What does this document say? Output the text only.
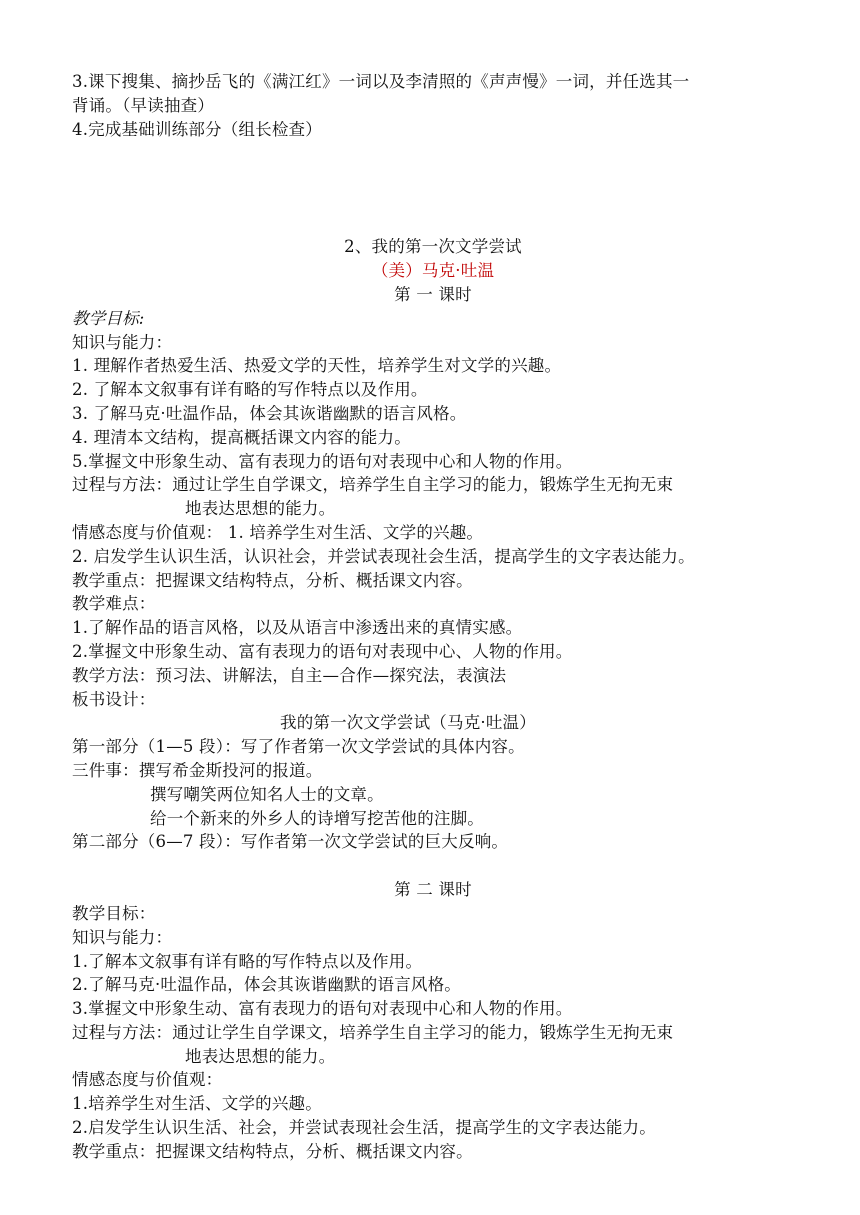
3.课下搜集、摘抄岳飞的《满江红》一词以及李清照的《声声慢》一词，并任选其一
背诵。（早读抽查）
4.完成基础训练部分（组长检查）
2、我的第一次文学尝试
（美）马克·吐温
第 一 课时
教学目标:
知识与能力：
1. 理解作者热爱生活、热爱文学的天性，培养学生对文学的兴趣。
2. 了解本文叙事有详有略的写作特点以及作用。
3. 了解马克·吐温作品，体会其诙谐幽默的语言风格。
4. 理清本文结构，提高概括课文内容的能力。
5.掌握文中形象生动、富有表现力的语句对表现中心和人物的作用。
过程与方法：通过让学生自学课文，培养学生自主学习的能力，锻炼学生无拘无束
地表达思想的能力。
情感态度与价值观： 1. 培养学生对生活、文学的兴趣。
2. 启发学生认识生活，认识社会，并尝试表现社会生活，提高学生的文字表达能力。
教学重点：把握课文结构特点，分析、概括课文内容。
教学难点：
1.了解作品的语言风格，以及从语言中渗透出来的真情实感。
2.掌握文中形象生动、富有表现力的语句对表现中心、人物的作用。
教学方法：预习法、讲解法，自主—合作—探究法，表演法
板书设计：
我的第一次文学尝试（马克·吐温）
第一部分（1—5 段）：写了作者第一次文学尝试的具体内容。
三件事：撰写希金斯投河的报道。
撰写嘲笑两位知名人士的文章。
给一个新来的外乡人的诗增写挖苦他的注脚。
第二部分（6—7 段）：写作者第一次文学尝试的巨大反响。
第 二 课时
教学目标：
知识与能力：
1.了解本文叙事有详有略的写作特点以及作用。
2.了解马克·吐温作品，体会其诙谐幽默的语言风格。
3.掌握文中形象生动、富有表现力的语句对表现中心和人物的作用。
过程与方法：通过让学生自学课文，培养学生自主学习的能力，锻炼学生无拘无束
地表达思想的能力。
情感态度与价值观：
1.培养学生对生活、文学的兴趣。
2.启发学生认识生活、社会，并尝试表现社会生活，提高学生的文字表达能力。
教学重点：把握课文结构特点，分析、概括课文内容。
